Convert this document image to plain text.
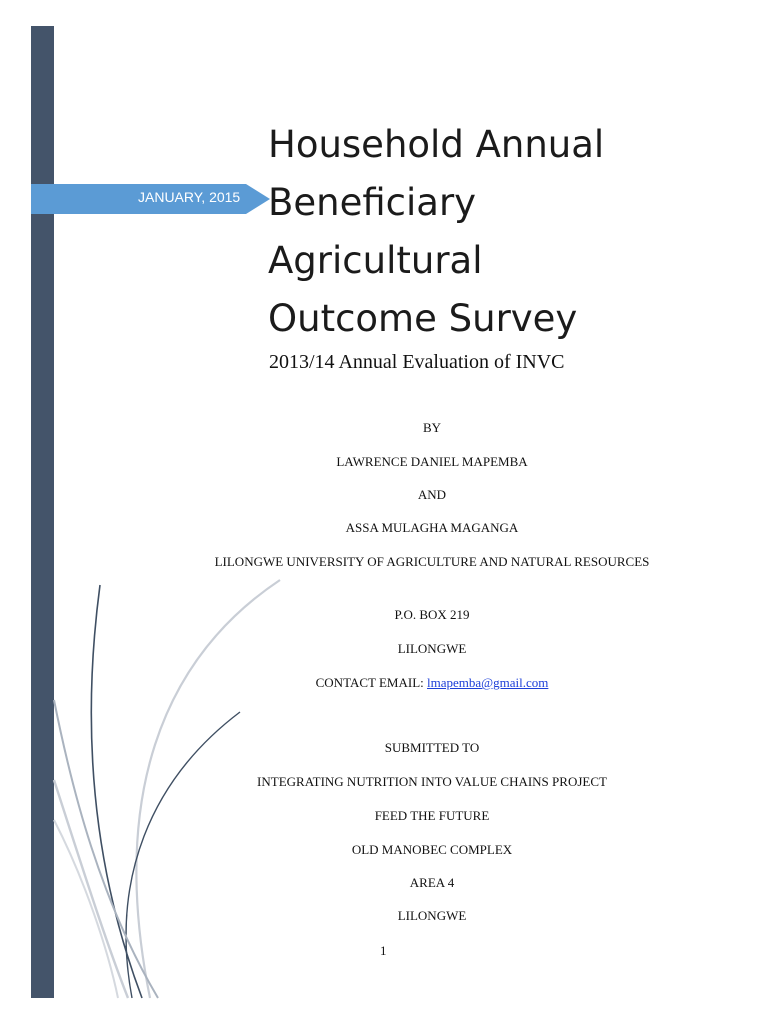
JANUARY, 2015
Household Annual
Beneficiary
Agricultural
Outcome Survey
2013/14 Annual Evaluation of INVC
BY
LAWRENCE DANIEL MAPEMBA
AND
ASSA MULAGHA MAGANGA
LILONGWE UNIVERSITY OF AGRICULTURE AND NATURAL RESOURCES
P.O. BOX 219
LILONGWE
CONTACT EMAIL: lmapemba@gmail.com
SUBMITTED TO
INTEGRATING NUTRITION INTO VALUE CHAINS PROJECT
FEED THE FUTURE
OLD MANOBEC COMPLEX
AREA 4
LILONGWE
1
